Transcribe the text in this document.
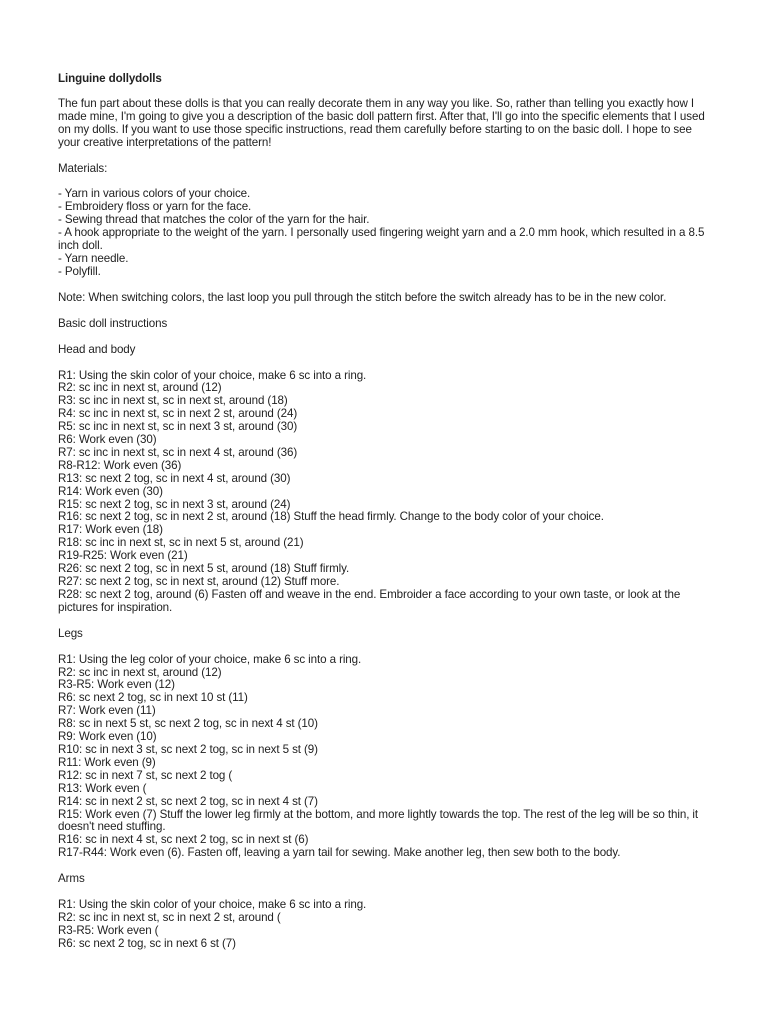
Linguine dollydolls

The fun part about these dolls is that you can really decorate them in any way you like. So, rather than telling you exactly how I made mine, I'm going to give you a description of the basic doll pattern first. After that, I'll go into the specific elements that I used on my dolls. If you want to use those specific instructions, read them carefully before starting to on the basic doll. I hope to see your creative interpretations of the pattern!

Materials:

- Yarn in various colors of your choice.
- Embroidery floss or yarn for the face.
- Sewing thread that matches the color of the yarn for the hair.
- A hook appropriate to the weight of the yarn. I personally used fingering weight yarn and a 2.0 mm hook, which resulted in a 8.5 inch doll.
- Yarn needle.
- Polyfill.

Note: When switching colors, the last loop you pull through the stitch before the switch already has to be in the new color.

Basic doll instructions

Head and body

R1: Using the skin color of your choice, make 6 sc into a ring.
R2: sc inc in next st, around (12)
R3: sc inc in next st, sc in next st, around (18)
R4: sc inc in next st, sc in next 2 st, around (24)
R5: sc inc in next st, sc in next 3 st, around (30)
R6: Work even (30)
R7: sc inc in next st, sc in next 4 st, around (36)
R8-R12: Work even (36)
R13: sc next 2 tog, sc in next 4 st, around (30)
R14: Work even (30)
R15: sc next 2 tog, sc in next 3 st, around (24)
R16: sc next 2 tog, sc in next 2 st, around (18) Stuff the head firmly. Change to the body color of your choice.
R17: Work even (18)
R18: sc inc in next st, sc in next 5 st, around (21)
R19-R25: Work even (21)
R26: sc next 2 tog, sc in next 5 st, around (18) Stuff firmly.
R27: sc next 2 tog, sc in next st, around (12) Stuff more.
R28: sc next 2 tog, around (6) Fasten off and weave in the end. Embroider a face according to your own taste, or look at the pictures for inspiration.

Legs

R1: Using the leg color of your choice, make 6 sc into a ring.
R2: sc inc in next st, around (12)
R3-R5: Work even (12)
R6: sc next 2 tog, sc in next 10 st (11)
R7: Work even (11)
R8: sc in next 5 st, sc next 2 tog, sc in next 4 st (10)
R9: Work even (10)
R10: sc in next 3 st, sc next 2 tog, sc in next 5 st (9)
R11: Work even (9)
R12: sc in next 7 st, sc next 2 tog (
R13: Work even (
R14: sc in next 2 st, sc next 2 tog, sc in next 4 st (7)
R15: Work even (7) Stuff the lower leg firmly at the bottom, and more lightly towards the top. The rest of the leg will be so thin, it doesn't need stuffing.
R16: sc in next 4 st, sc next 2 tog, sc in next st (6)
R17-R44: Work even (6). Fasten off, leaving a yarn tail for sewing. Make another leg, then sew both to the body.

Arms

R1: Using the skin color of your choice, make 6 sc into a ring.
R2: sc inc in next st, sc in next 2 st, around (
R3-R5: Work even (
R6: sc next 2 tog, sc in next 6 st (7)
